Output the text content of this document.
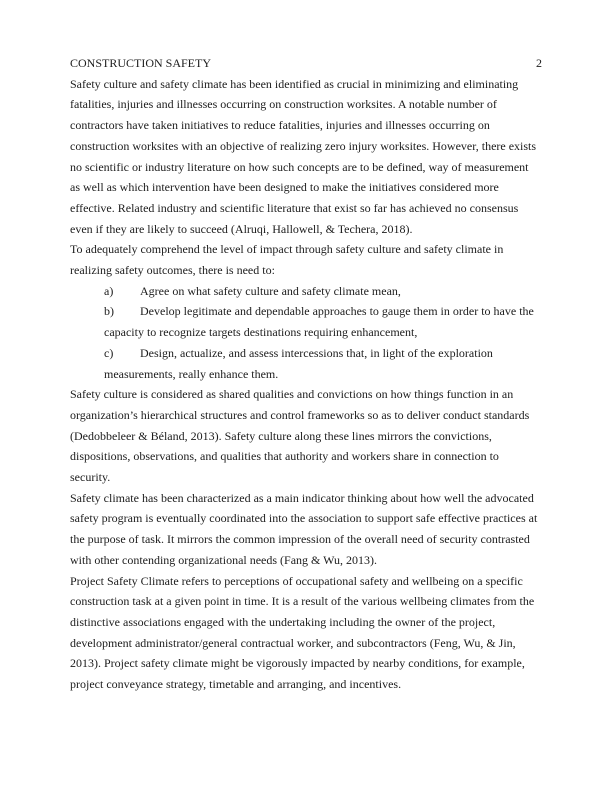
CONSTRUCTION SAFETY	2
Safety culture and safety climate has been identified as crucial in minimizing and eliminating
fatalities, injuries and illnesses occurring on construction worksites. A notable number of
contractors have taken initiatives to reduce fatalities, injuries and illnesses occurring on
construction worksites with an objective of realizing zero injury worksites. However, there exists
no scientific or industry literature on how such concepts are to be defined, way of measurement
as well as which intervention have been designed to make the initiatives considered more
effective. Related industry and scientific literature that exist so far has achieved no consensus
even if they are likely to succeed (Alruqi, Hallowell, & Techera, 2018).
To adequately comprehend the level of impact through safety culture and safety climate in
realizing safety outcomes, there is need to:
a) Agree on what safety culture and safety climate mean,
b) Develop legitimate and dependable approaches to gauge them in order to have the
capacity to recognize targets destinations requiring enhancement,
c) Design, actualize, and assess intercessions that, in light of the exploration
measurements, really enhance them.
Safety culture is considered as shared qualities and convictions on how things function in an
organization’s hierarchical structures and control frameworks so as to deliver conduct standards
(Dedobbeleer & Béland, 2013). Safety culture along these lines mirrors the convictions,
dispositions, observations, and qualities that authority and workers share in connection to
security.
Safety climate has been characterized as a main indicator thinking about how well the advocated
safety program is eventually coordinated into the association to support safe effective practices at
the purpose of task. It mirrors the common impression of the overall need of security contrasted
with other contending organizational needs (Fang & Wu, 2013).
Project Safety Climate refers to perceptions of occupational safety and wellbeing on a specific
construction task at a given point in time. It is a result of the various wellbeing climates from the
distinctive associations engaged with the undertaking including the owner of the project,
development administrator/general contractual worker, and subcontractors (Feng, Wu, & Jin,
2013). Project safety climate might be vigorously impacted by nearby conditions, for example,
project conveyance strategy, timetable and arranging, and incentives.
